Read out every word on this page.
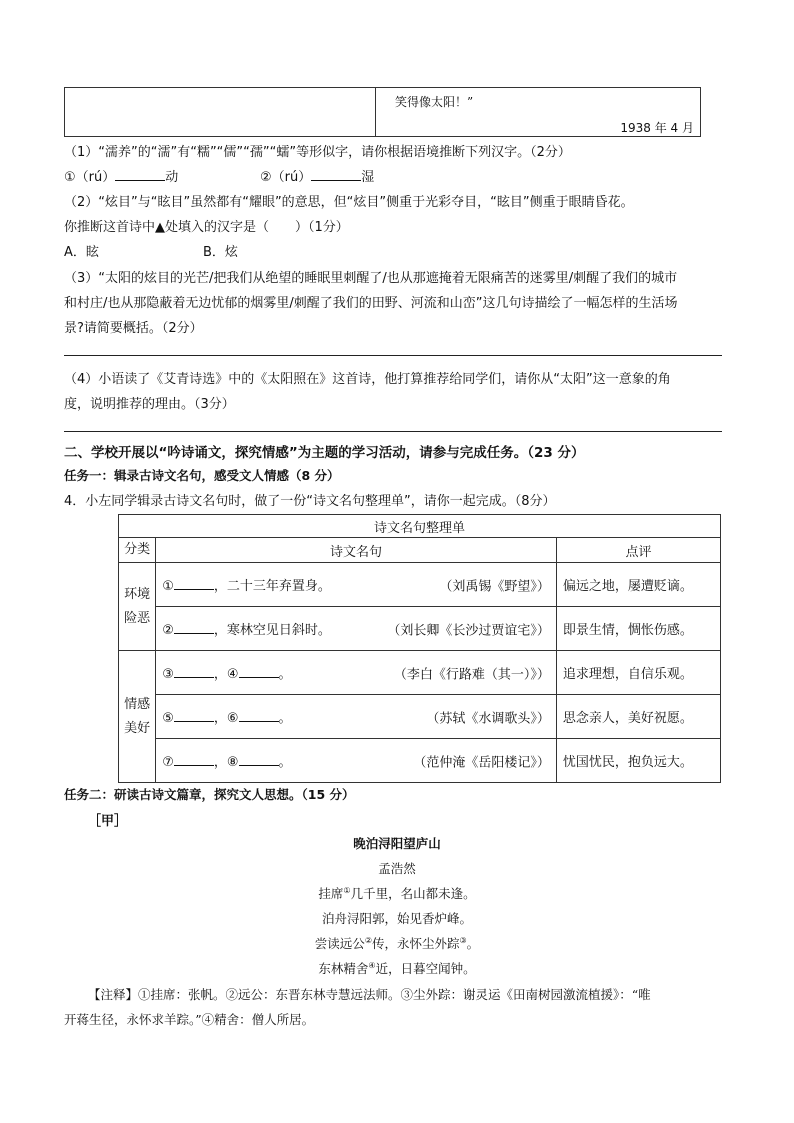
笑得像太阳！”
1938 年 4 月
（1）“濡养”的“濡”有“糯”“儒”“孺”“蠕”等形似字，请你根据语境推断下列汉字。（2分）
①（rú）	动	②（rú）	湿
（2）“炫目”与“眩目”虽然都有“耀眼”的意思，但“炫目”侧重于光彩夺目，“眩目”侧重于眼睛昏花。
你推断这首诗中▲处填入的汉字是（　　）（1分）
A．眩	B．炫
（3）“太阳的炫目的光芒/把我们从绝望的睡眠里刺醒了/也从那遮掩着无限痛苦的迷雾里/刺醒了我们的城市
和村庄/也从那隐蔽着无边忧郁的烟雾里/刺醒了我们的田野、河流和山峦”这几句诗描绘了一幅怎样的生活场
景?请简要概括。（2分）
（4）小语读了《艾青诗选》中的《太阳照在》这首诗，他打算推荐给同学们，请你从“太阳”这一意象的角
度，说明推荐的理由。（3分）
二、学校开展以“吟诗诵文，探究情感”为主题的学习活动，请参与完成任务。（23 分）
任务一：辑录古诗文名句，感受文人情感（8 分）
4．小左同学辑录古诗文名句时，做了一份“诗文名句整理单”，请你一起完成。（8分）
诗文名句整理单		
分类	诗文名句	点评
环境险恶	① ，二十三年弃置身。 （刘禹锡《野望》）	偏远之地，屡遭贬谪。
	② ，寒林空见日斜时。 （刘长卿《长沙过贾谊宅》）	即景生情，惆怅伤感。
情感美好	③ ，④ 。 （李白《行路难（其一）》）	追求理想，自信乐观。
	⑤ ，⑥ 。 （苏轼《水调歌头》）	思念亲人，美好祝愿。
	⑦ ，⑧ 。 （范仲淹《岳阳楼记》）	忧国忧民，抱负远大。
任务二：研读古诗文篇章，探究文人思想。（15 分）
［甲］
晚泊浔阳望庐山
孟浩然
挂席①几千里，名山都未逢。
泊舟浔阳郭，始见香炉峰。
尝读远公②传，永怀尘外踪③。
东林精舍④近，日暮空闻钟。
【注释】①挂席：张帆。②远公：东晋东林寺慧远法师。③尘外踪：谢灵运《田南树园激流植援》：“唯
开蒋生径，永怀求羊踪。”④精舍：僧人所居。
